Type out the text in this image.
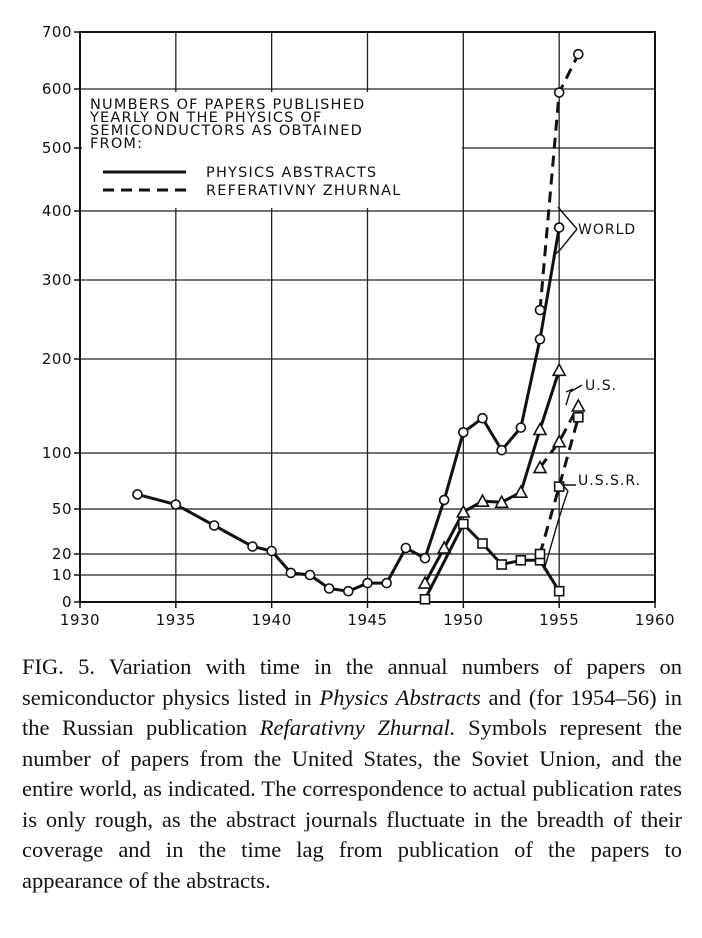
1930	1935	1940	1945	1950	1955	1960
0
10
20
50
100
200
300
400
500
600
700
NUMBERS OF PAPERS PUBLISHED
YEARLY ON THE PHYSICS OF
SEMICONDUCTORS AS OBTAINED
FROM:
PHYSICS ABSTRACTS
REFERATIVNY ZHURNAL
WORLD
U.S.
U.S.S.R.

FIG. 5. Variation with time in the annual numbers of papers on semiconductor physics listed in Physics Abstracts and (for 1954–56) in the Russian publication Refarativny Zhurnal. Symbols represent the number of papers from the United States, the Soviet Union, and the entire world, as indicated. The correspondence to actual publication rates is only rough, as the abstract journals fluctuate in the breadth of their coverage and in the time lag from publication of the papers to appearance of the abstracts.
